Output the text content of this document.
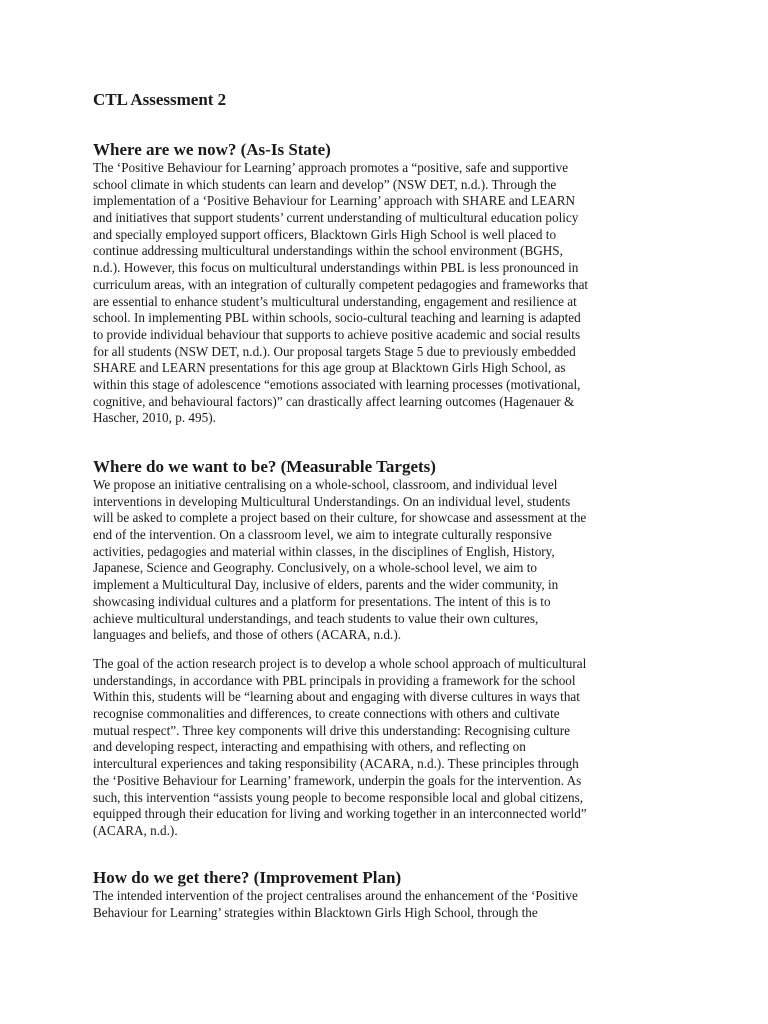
CTL Assessment 2
Where are we now? (As-Is State)
The ‘Positive Behaviour for Learning’ approach promotes a “positive, safe and supportive
school climate in which students can learn and develop” (NSW DET, n.d.). Through the
implementation of a ‘Positive Behaviour for Learning’ approach with SHARE and LEARN
and initiatives that support students’ current understanding of multicultural education policy
and specially employed support officers, Blacktown Girls High School is well placed to
continue addressing multicultural understandings within the school environment (BGHS,
n.d.). However, this focus on multicultural understandings within PBL is less pronounced in
curriculum areas, with an integration of culturally competent pedagogies and frameworks that
are essential to enhance student’s multicultural understanding, engagement and resilience at
school. In implementing PBL within schools, socio-cultural teaching and learning is adapted
to provide individual behaviour that supports to achieve positive academic and social results
for all students (NSW DET, n.d.). Our proposal targets Stage 5 due to previously embedded
SHARE and LEARN presentations for this age group at Blacktown Girls High School, as
within this stage of adolescence “emotions associated with learning processes (motivational,
cognitive, and behavioural factors)” can drastically affect learning outcomes (Hagenauer &
Hascher, 2010, p. 495).
Where do we want to be? (Measurable Targets)
We propose an initiative centralising on a whole-school, classroom, and individual level
interventions in developing Multicultural Understandings. On an individual level, students
will be asked to complete a project based on their culture, for showcase and assessment at the
end of the intervention. On a classroom level, we aim to integrate culturally responsive
activities, pedagogies and material within classes, in the disciplines of English, History,
Japanese, Science and Geography. Conclusively, on a whole-school level, we aim to
implement a Multicultural Day, inclusive of elders, parents and the wider community, in
showcasing individual cultures and a platform for presentations. The intent of this is to
achieve multicultural understandings, and teach students to value their own cultures,
languages and beliefs, and those of others (ACARA, n.d.).
The goal of the action research project is to develop a whole school approach of multicultural
understandings, in accordance with PBL principals in providing a framework for the school
Within this, students will be “learning about and engaging with diverse cultures in ways that
recognise commonalities and differences, to create connections with others and cultivate
mutual respect”. Three key components will drive this understanding: Recognising culture
and developing respect, interacting and empathising with others, and reflecting on
intercultural experiences and taking responsibility (ACARA, n.d.). These principles through
the ‘Positive Behaviour for Learning’ framework, underpin the goals for the intervention. As
such, this intervention “assists young people to become responsible local and global citizens,
equipped through their education for living and working together in an interconnected world”
(ACARA, n.d.).
How do we get there? (Improvement Plan)
The intended intervention of the project centralises around the enhancement of the ‘Positive
Behaviour for Learning’ strategies within Blacktown Girls High School, through the
